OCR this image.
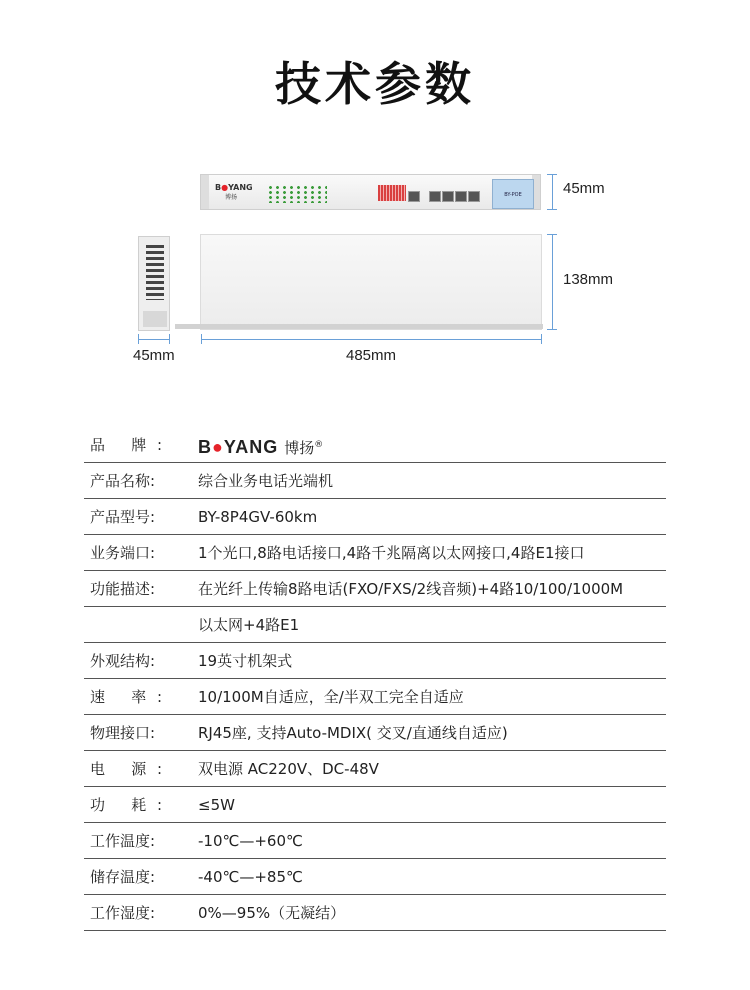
技术参数
B●YANG
博扬	BY-POE	45mm
138mm
45mm	485mm
品 牌: B●YANG 博扬®
产品名称:	综合业务电话光端机
产品型号:	BY-8P4GV-60km
业务端口:	1个光口,8路电话接口,4路千兆隔离以太网接口,4路E1接口
功能描述:	在光纤上传输8路电话(FXO/FXS/2线音频)+4路10/100/1000M
以太网+4路E1
外观结构:	19英寸机架式
速 率: 10/100M自适应，全/半双工完全自适应
物理接口:	RJ45座, 支持Auto-MDIX( 交叉/直通线自适应)
电 源: 双电源 AC220V、DC-48V
功 耗: ≤5W
工作温度:	-10℃—+60℃
储存温度:	-40℃—+85℃
工作湿度:	0%—95%（无凝结）
